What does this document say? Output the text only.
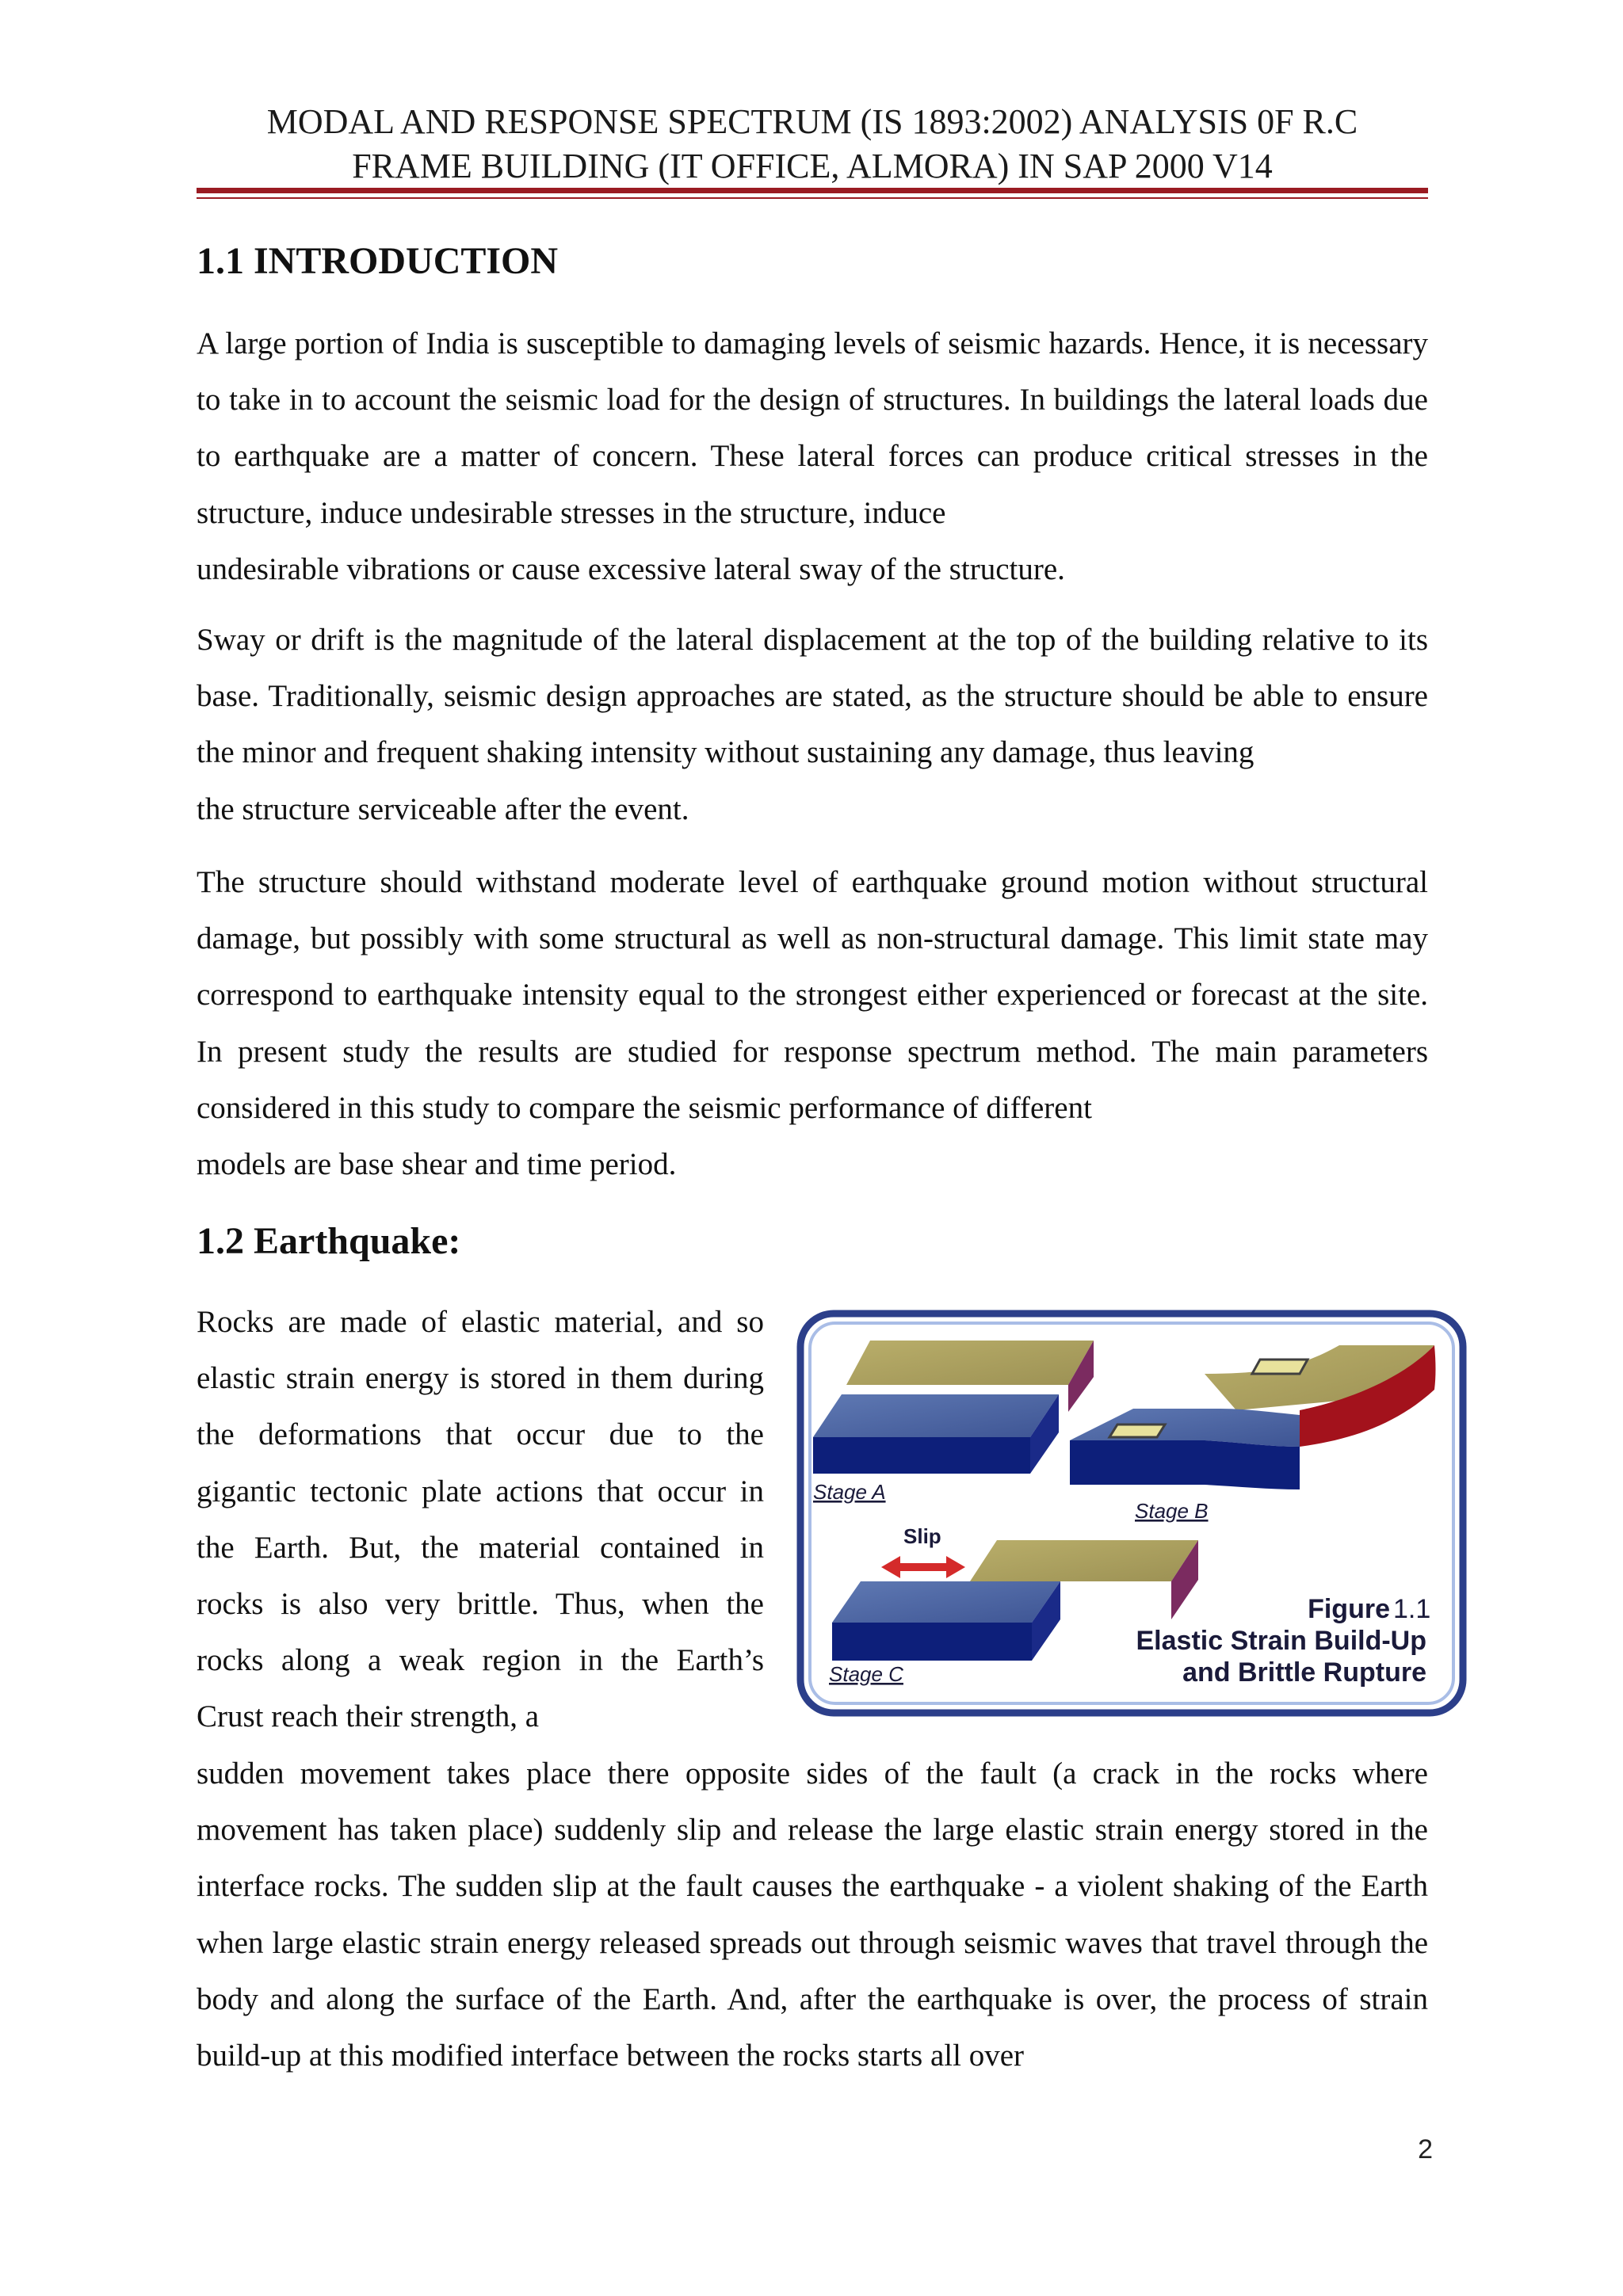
MODAL AND RESPONSE SPECTRUM (IS 1893:2002) ANALYSIS 0F R.C
FRAME BUILDING (IT OFFICE, ALMORA) IN SAP 2000 V14
1.1 INTRODUCTION

A large portion of India is susceptible to damaging levels of seismic hazards. Hence, it is necessary to take in to account the seismic load for the design of structures. In buildings the lateral loads due to earthquake are a matter of concern. These lateral forces can produce critical stresses in the structure, induce undesirable stresses in the structure, induce
undesirable vibrations or cause excessive lateral sway of the structure.

Sway or drift is the magnitude of the lateral displacement at the top of the building relative to its base. Traditionally, seismic design approaches are stated, as the structure should be able to ensure the minor and frequent shaking intensity without sustaining any damage, thus leaving
the structure serviceable after the event.

The structure should withstand moderate level of earthquake ground motion without structural damage, but possibly with some structural as well as non-structural damage. This limit state may correspond to earthquake intensity equal to the strongest either experienced or forecast at the site. In present study the results are studied for response spectrum method. The main parameters considered in this study to compare the seismic performance of different
models are base shear and time period.

1.2 Earthquake:

Rocks are made of elastic material, and so elastic strain energy is stored in them during the deformations that occur due to the gigantic tectonic plate actions that occur in the Earth. But, the material contained in rocks is also very brittle. Thus, when the rocks along a weak region in the Earth’s Crust reach their strength, a

sudden movement takes place there opposite sides of the fault (a crack in the rocks where movement has taken place) suddenly slip and release the large elastic strain energy stored in the interface rocks. The sudden slip at the fault causes the earthquake - a violent shaking of the Earth when large elastic strain energy released spreads out through seismic waves that travel through the body and along the surface of the Earth. And, after the earthquake is over, the process of strain build-up at this modified interface between the rocks starts all over

Stage A
Stage B
Slip
Stage C
Figure 1.1
Elastic Strain Build-Up
and Brittle Rupture
2
